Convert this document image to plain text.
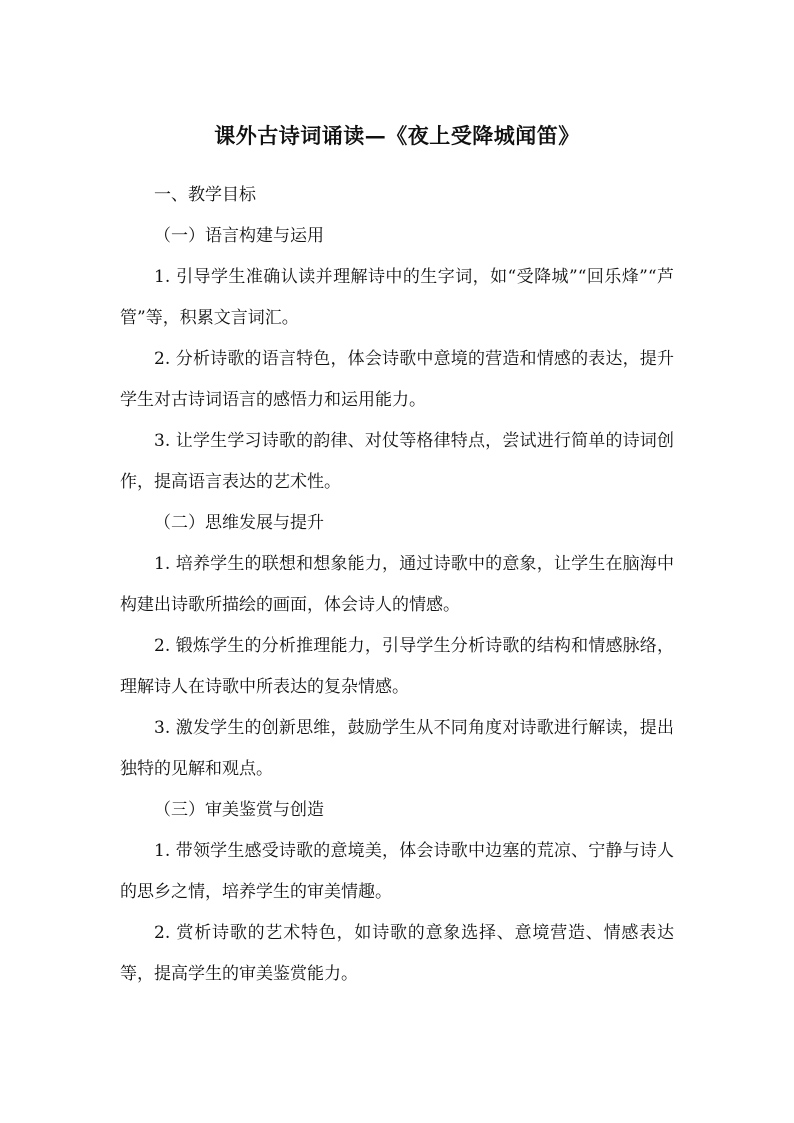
课外古诗词诵读—《夜上受降城闻笛》

一、教学目标

（一）语言构建与运用

1. 引导学生准确认读并理解诗中的生字词，如“受降城”“回乐烽”“芦管”等，积累文言词汇。

2. 分析诗歌的语言特色，体会诗歌中意境的营造和情感的表达，提升学生对古诗词语言的感悟力和运用能力。

3. 让学生学习诗歌的韵律、对仗等格律特点，尝试进行简单的诗词创作，提高语言表达的艺术性。

（二）思维发展与提升

1. 培养学生的联想和想象能力，通过诗歌中的意象，让学生在脑海中构建出诗歌所描绘的画面，体会诗人的情感。

2. 锻炼学生的分析推理能力，引导学生分析诗歌的结构和情感脉络，理解诗人在诗歌中所表达的复杂情感。

3. 激发学生的创新思维，鼓励学生从不同角度对诗歌进行解读，提出独特的见解和观点。

（三）审美鉴赏与创造

1. 带领学生感受诗歌的意境美，体会诗歌中边塞的荒凉、宁静与诗人的思乡之情，培养学生的审美情趣。

2. 赏析诗歌的艺术特色，如诗歌的意象选择、意境营造、情感表达等，提高学生的审美鉴赏能力。
